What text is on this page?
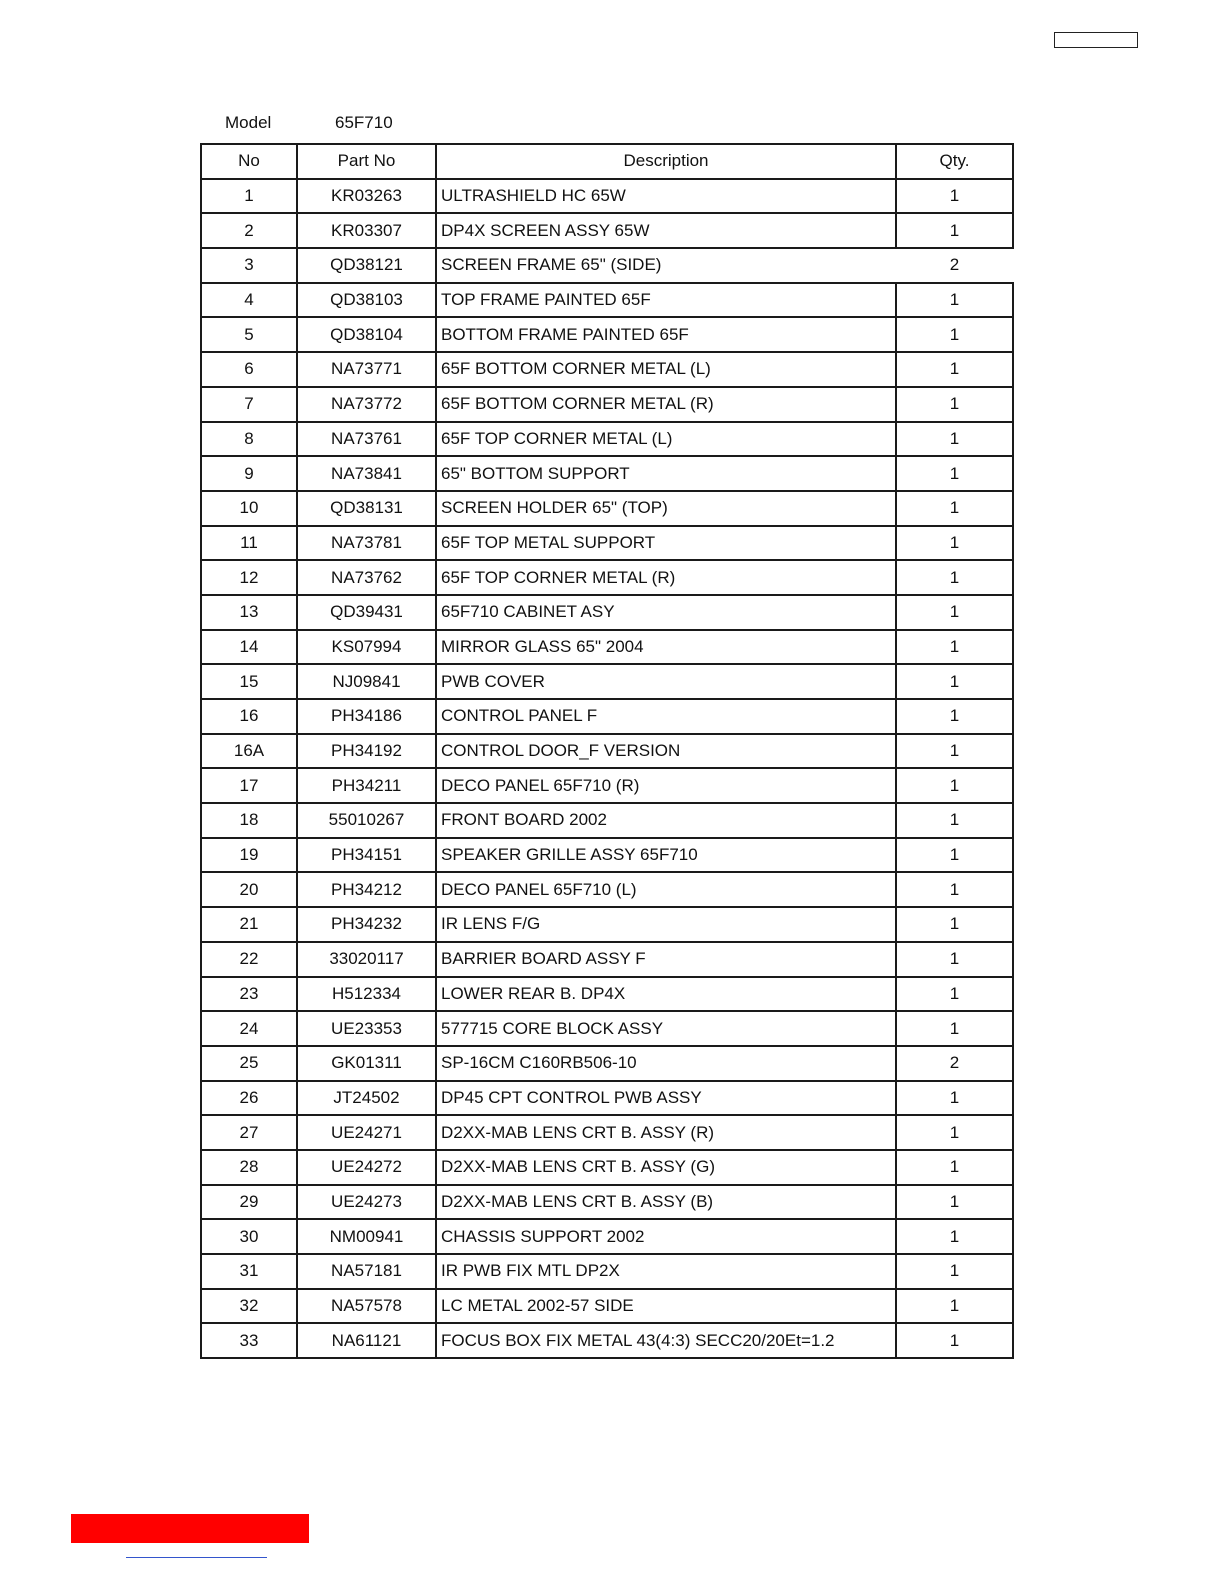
Model	65F710
No	Part No	Description	Qty.
1	KR03263	ULTRASHIELD HC 65W	1
2	KR03307	DP4X SCREEN ASSY 65W	1
3	QD38121	SCREEN FRAME 65" (SIDE)	2
4	QD38103	TOP FRAME PAINTED 65F	1
5	QD38104	BOTTOM FRAME PAINTED 65F	1
6	NA73771	65F BOTTOM CORNER METAL (L)	1
7	NA73772	65F BOTTOM CORNER METAL (R)	1
8	NA73761	65F TOP CORNER METAL (L)	1
9	NA73841	65" BOTTOM SUPPORT	1
10	QD38131	SCREEN HOLDER 65" (TOP)	1
11	NA73781	65F TOP METAL SUPPORT	1
12	NA73762	65F TOP CORNER METAL (R)	1
13	QD39431	65F710 CABINET ASY	1
14	KS07994	MIRROR GLASS 65" 2004	1
15	NJ09841	PWB COVER	1
16	PH34186	CONTROL PANEL F	1
16A	PH34192	CONTROL DOOR_F VERSION	1
17	PH34211	DECO PANEL 65F710 (R)	1
18	55010267	FRONT BOARD 2002	1
19	PH34151	SPEAKER GRILLE ASSY 65F710	1
20	PH34212	DECO PANEL 65F710 (L)	1
21	PH34232	IR LENS F/G	1
22	33020117	BARRIER BOARD ASSY F	1
23	H512334	LOWER REAR B. DP4X	1
24	UE23353	577715 CORE BLOCK ASSY	1
25	GK01311	SP-16CM C160RB506-10	2
26	JT24502	DP45 CPT CONTROL PWB ASSY	1
27	UE24271	D2XX-MAB LENS CRT B. ASSY (R)	1
28	UE24272	D2XX-MAB LENS CRT B. ASSY (G)	1
29	UE24273	D2XX-MAB LENS CRT B. ASSY (B)	1
30	NM00941	CHASSIS SUPPORT 2002	1
31	NA57181	IR PWB FIX MTL DP2X	1
32	NA57578	LC METAL 2002-57 SIDE	1
33	NA61121	FOCUS BOX FIX METAL 43(4:3) SECC20/20Et=1.2	1
